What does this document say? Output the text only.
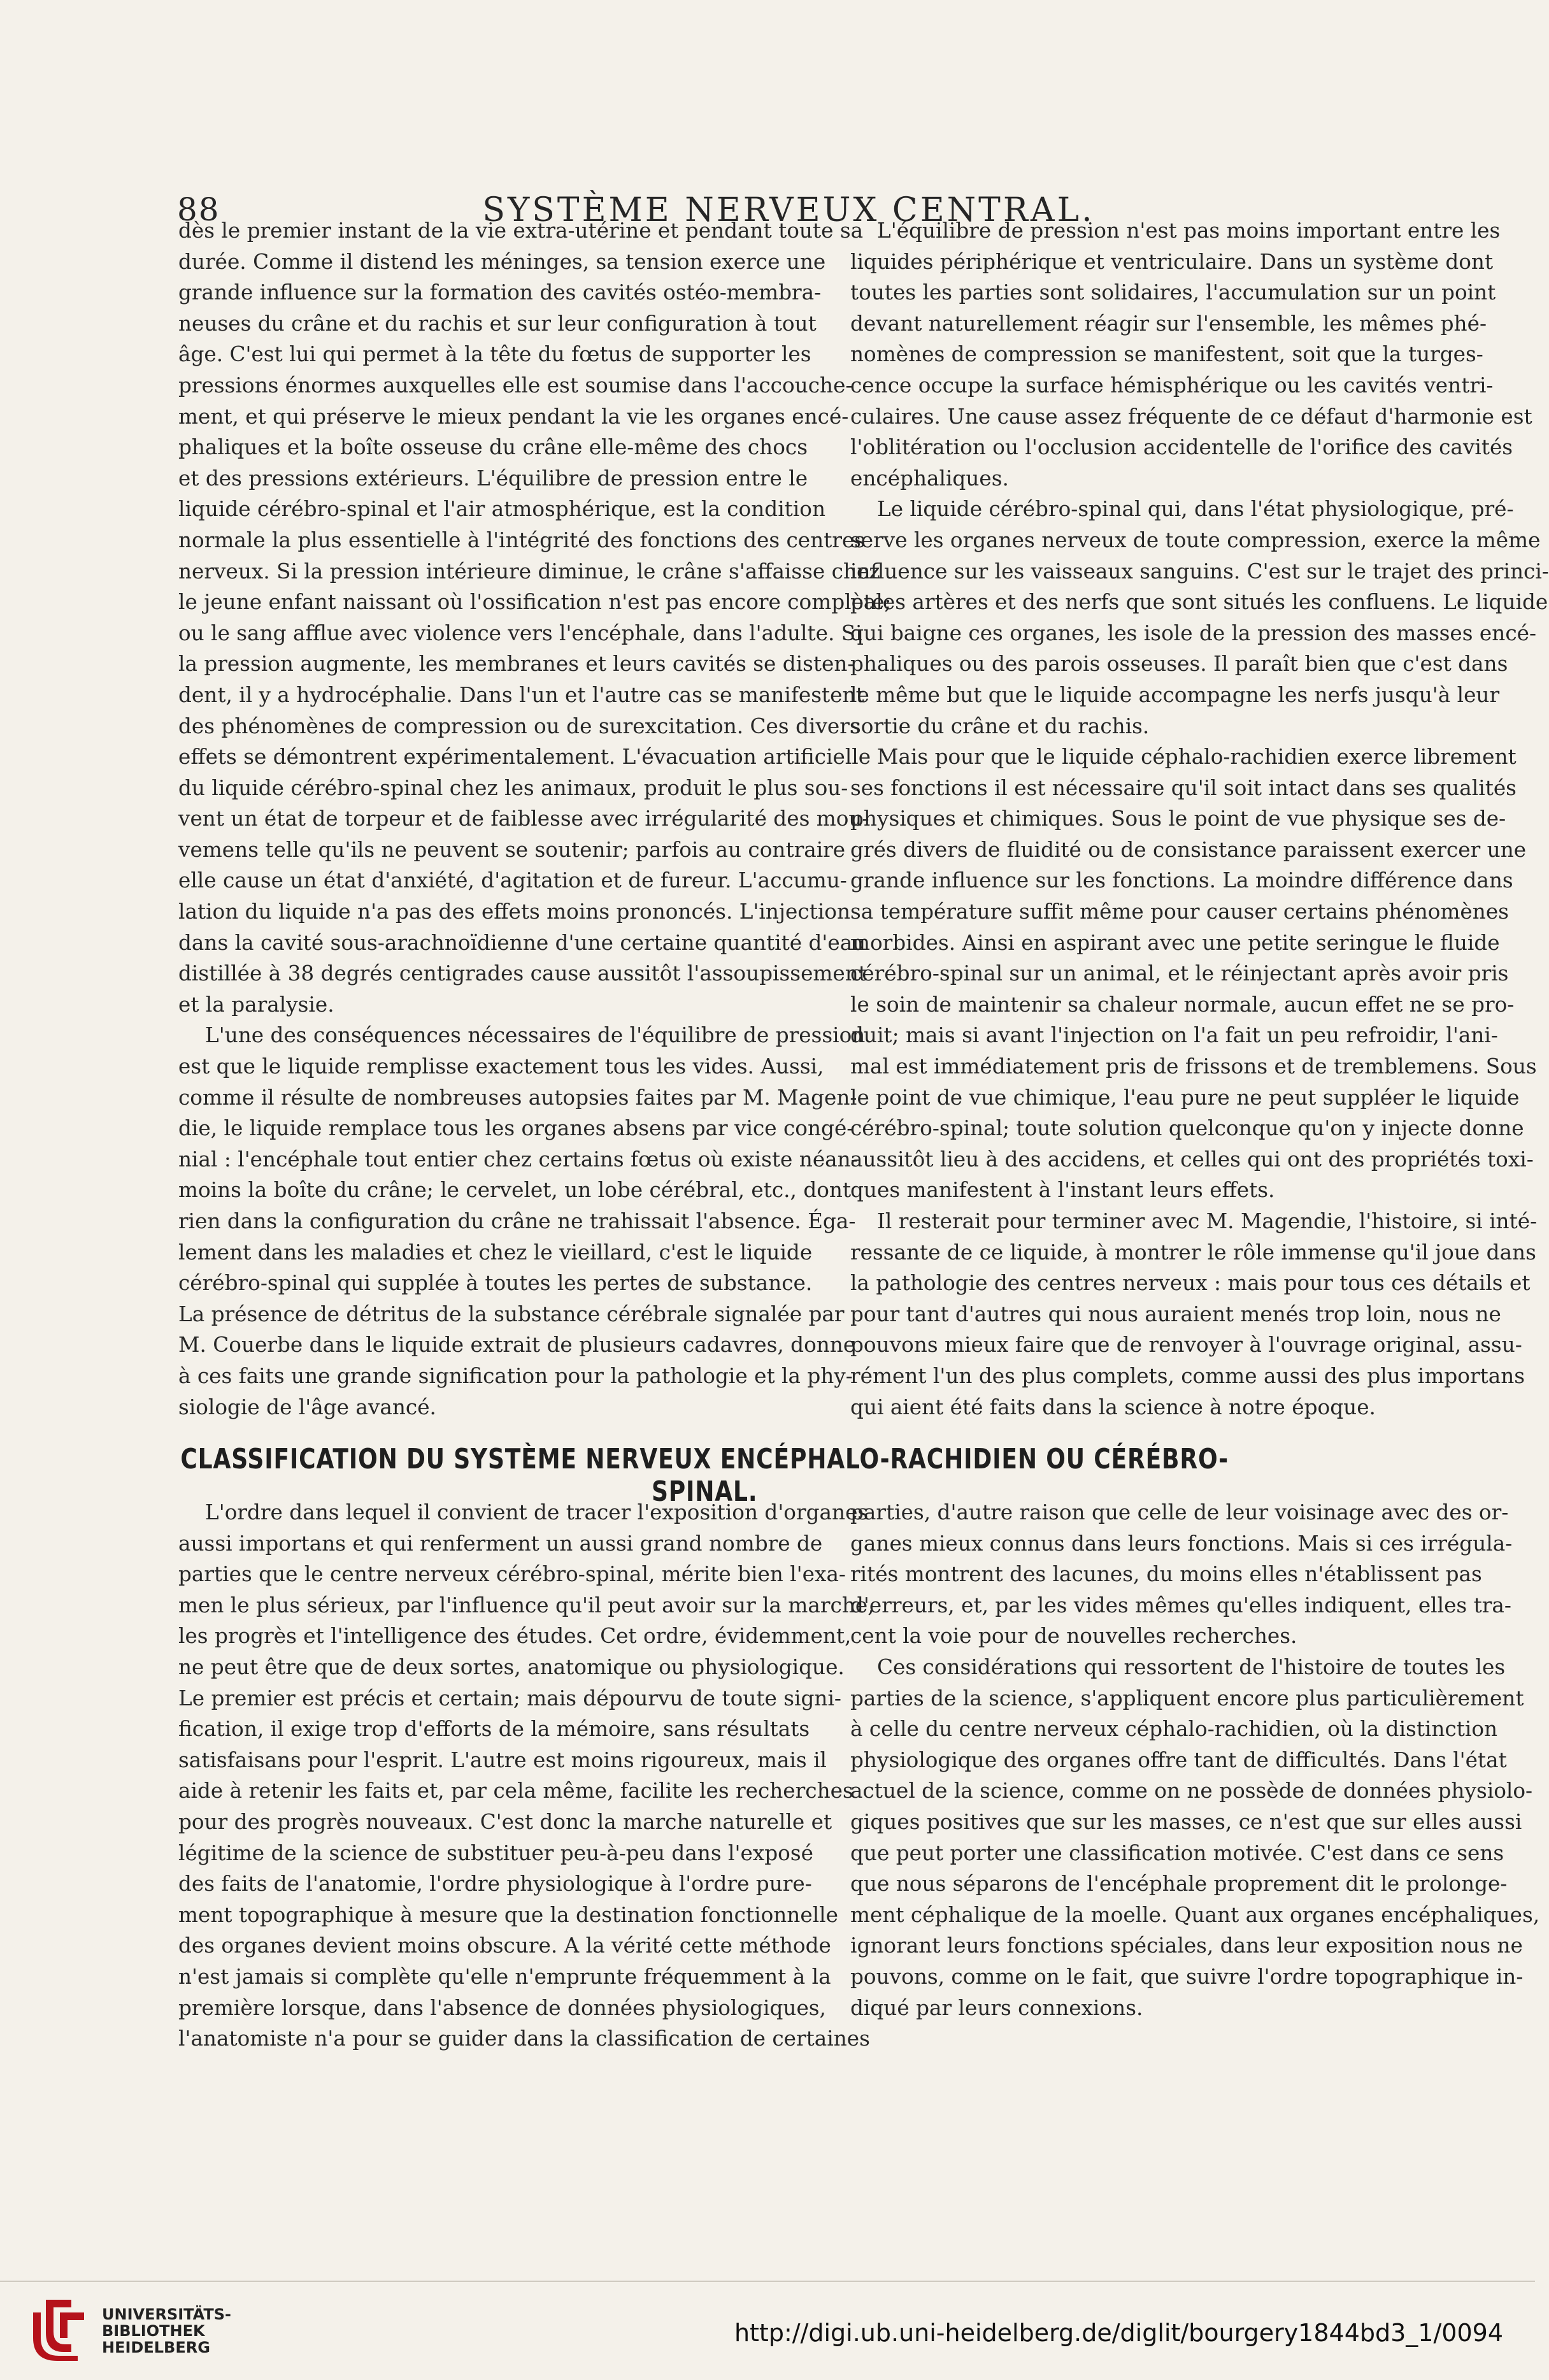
88	SYSTÈME NERVEUX CENTRAL.
dès le premier instant de la vie extra-utérine et pendant toute sa
durée. Comme il distend les méninges, sa tension exerce une
grande influence sur la formation des cavités ostéo-membra-
neuses du crâne et du rachis et sur leur configuration à tout
âge. C'est lui qui permet à la tête du fœtus de supporter les
pressions énormes auxquelles elle est soumise dans l'accouche-
ment, et qui préserve le mieux pendant la vie les organes encé-
phaliques et la boîte osseuse du crâne elle-même des chocs
et des pressions extérieurs. L'équilibre de pression entre le
liquide cérébro-spinal et l'air atmosphérique, est la condition
normale la plus essentielle à l'intégrité des fonctions des centres
nerveux. Si la pression intérieure diminue, le crâne s'affaisse chez
le jeune enfant naissant où l'ossification n'est pas encore complète;
ou le sang afflue avec violence vers l'encéphale, dans l'adulte. Si
la pression augmente, les membranes et leurs cavités se disten-
dent, il y a hydrocéphalie. Dans l'un et l'autre cas se manifestent
des phénomènes de compression ou de surexcitation. Ces divers
effets se démontrent expérimentalement. L'évacuation artificielle
du liquide cérébro-spinal chez les animaux, produit le plus sou-
vent un état de torpeur et de faiblesse avec irrégularité des mou-
vemens telle qu'ils ne peuvent se soutenir; parfois au contraire
elle cause un état d'anxiété, d'agitation et de fureur. L'accumu-
lation du liquide n'a pas des effets moins prononcés. L'injection
dans la cavité sous-arachnoïdienne d'une certaine quantité d'eau
distillée à 38 degrés centigrades cause aussitôt l'assoupissement
et la paralysie.
L'une des conséquences nécessaires de l'équilibre de pression
est que le liquide remplisse exactement tous les vides. Aussi,
comme il résulte de nombreuses autopsies faites par M. Magen-
die, le liquide remplace tous les organes absens par vice congé-
nial : l'encéphale tout entier chez certains fœtus où existe néan-
moins la boîte du crâne; le cervelet, un lobe cérébral, etc., dont
rien dans la configuration du crâne ne trahissait l'absence. Éga-
lement dans les maladies et chez le vieillard, c'est le liquide
cérébro-spinal qui supplée à toutes les pertes de substance.
La présence de détritus de la substance cérébrale signalée par
M. Couerbe dans le liquide extrait de plusieurs cadavres, donne
à ces faits une grande signification pour la pathologie et la phy-
siologie de l'âge avancé.
L'équilibre de pression n'est pas moins important entre les
liquides périphérique et ventriculaire. Dans un système dont
toutes les parties sont solidaires, l'accumulation sur un point
devant naturellement réagir sur l'ensemble, les mêmes phé-
nomènes de compression se manifestent, soit que la turges-
cence occupe la surface hémisphérique ou les cavités ventri-
culaires. Une cause assez fréquente de ce défaut d'harmonie est
l'oblitération ou l'occlusion accidentelle de l'orifice des cavités
encéphaliques.
Le liquide cérébro-spinal qui, dans l'état physiologique, pré-
serve les organes nerveux de toute compression, exerce la même
influence sur les vaisseaux sanguins. C'est sur le trajet des princi-
pales artères et des nerfs que sont situés les confluens. Le liquide
qui baigne ces organes, les isole de la pression des masses encé-
phaliques ou des parois osseuses. Il paraît bien que c'est dans
le même but que le liquide accompagne les nerfs jusqu'à leur
sortie du crâne et du rachis.
Mais pour que le liquide céphalo-rachidien exerce librement
ses fonctions il est nécessaire qu'il soit intact dans ses qualités
physiques et chimiques. Sous le point de vue physique ses de-
grés divers de fluidité ou de consistance paraissent exercer une
grande influence sur les fonctions. La moindre différence dans
sa température suffit même pour causer certains phénomènes
morbides. Ainsi en aspirant avec une petite seringue le fluide
cérébro-spinal sur un animal, et le réinjectant après avoir pris
le soin de maintenir sa chaleur normale, aucun effet ne se pro-
duit; mais si avant l'injection on l'a fait un peu refroidir, l'ani-
mal est immédiatement pris de frissons et de tremblemens. Sous
le point de vue chimique, l'eau pure ne peut suppléer le liquide
cérébro-spinal; toute solution quelconque qu'on y injecte donne
aussitôt lieu à des accidens, et celles qui ont des propriétés toxi-
ques manifestent à l'instant leurs effets.
Il resterait pour terminer avec M. Magendie, l'histoire, si inté-
ressante de ce liquide, à montrer le rôle immense qu'il joue dans
la pathologie des centres nerveux : mais pour tous ces détails et
pour tant d'autres qui nous auraient menés trop loin, nous ne
pouvons mieux faire que de renvoyer à l'ouvrage original, assu-
rément l'un des plus complets, comme aussi des plus importans
qui aient été faits dans la science à notre époque.
CLASSIFICATION DU SYSTÈME NERVEUX ENCÉPHALO-RACHIDIEN OU CÉRÉBRO-SPINAL.
L'ordre dans lequel il convient de tracer l'exposition d'organes
aussi importans et qui renferment un aussi grand nombre de
parties que le centre nerveux cérébro-spinal, mérite bien l'exa-
men le plus sérieux, par l'influence qu'il peut avoir sur la marche,
les progrès et l'intelligence des études. Cet ordre, évidemment,
ne peut être que de deux sortes, anatomique ou physiologique.
Le premier est précis et certain; mais dépourvu de toute signi-
fication, il exige trop d'efforts de la mémoire, sans résultats
satisfaisans pour l'esprit. L'autre est moins rigoureux, mais il
aide à retenir les faits et, par cela même, facilite les recherches
pour des progrès nouveaux. C'est donc la marche naturelle et
légitime de la science de substituer peu-à-peu dans l'exposé
des faits de l'anatomie, l'ordre physiologique à l'ordre pure-
ment topographique à mesure que la destination fonctionnelle
des organes devient moins obscure. A la vérité cette méthode
n'est jamais si complète qu'elle n'emprunte fréquemment à la
première lorsque, dans l'absence de données physiologiques,
l'anatomiste n'a pour se guider dans la classification de certaines
parties, d'autre raison que celle de leur voisinage avec des or-
ganes mieux connus dans leurs fonctions. Mais si ces irrégula-
rités montrent des lacunes, du moins elles n'établissent pas
d'erreurs, et, par les vides mêmes qu'elles indiquent, elles tra-
cent la voie pour de nouvelles recherches.
Ces considérations qui ressortent de l'histoire de toutes les
parties de la science, s'appliquent encore plus particulièrement
à celle du centre nerveux céphalo-rachidien, où la distinction
physiologique des organes offre tant de difficultés. Dans l'état
actuel de la science, comme on ne possède de données physiolo-
giques positives que sur les masses, ce n'est que sur elles aussi
que peut porter une classification motivée. C'est dans ce sens
que nous séparons de l'encéphale proprement dit le prolonge-
ment céphalique de la moelle. Quant aux organes encéphaliques,
ignorant leurs fonctions spéciales, dans leur exposition nous ne
pouvons, comme on le fait, que suivre l'ordre topographique in-
diqué par leurs connexions.
UNIVERSITÄTS-
BIBLIOTHEK
HEIDELBERG
http://digi.ub.uni-heidelberg.de/diglit/bourgery1844bd3_1/0094
